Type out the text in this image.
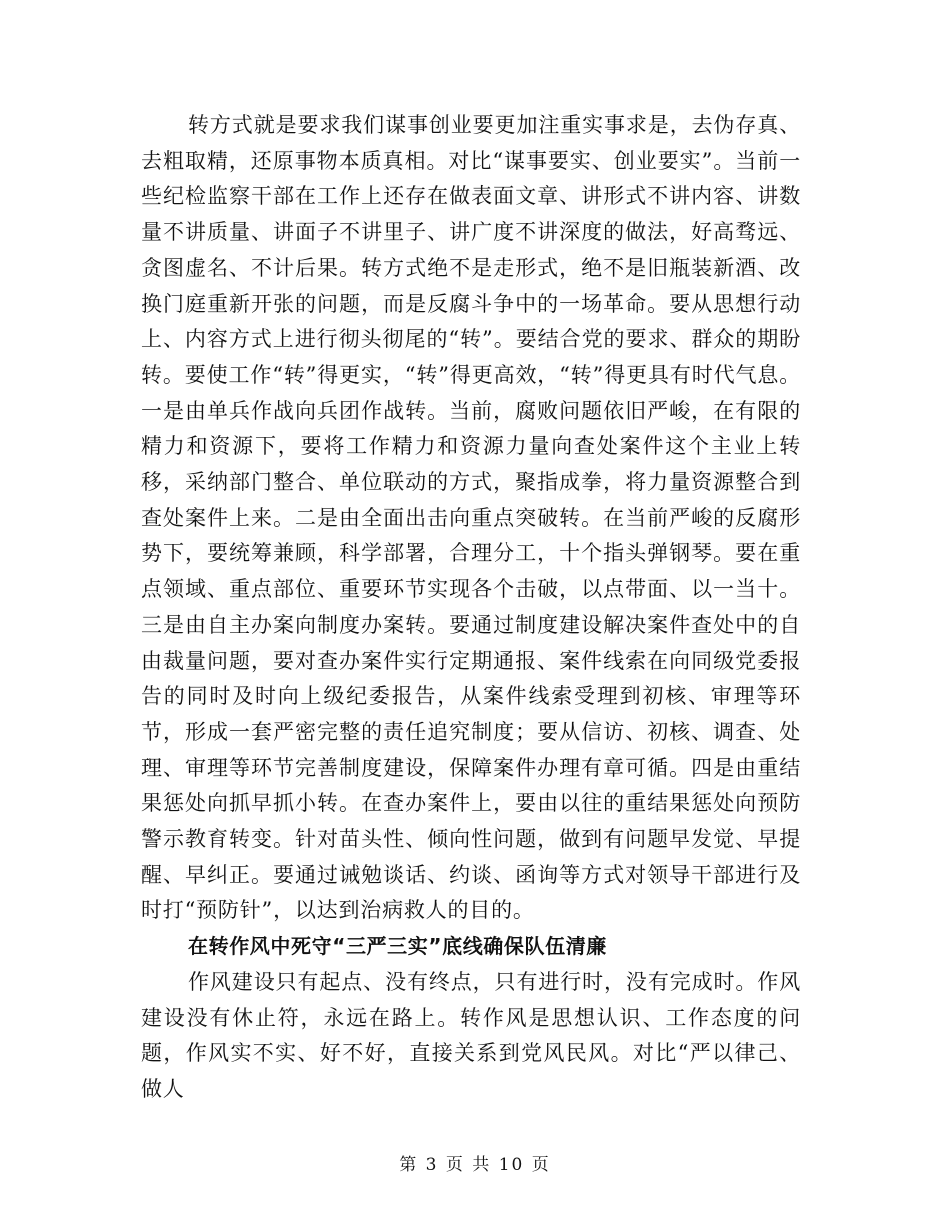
转方式就是要求我们谋事创业要更加注重实事求是，去伪存真、去粗取精，还原事物本质真相。对比“谋事要实、创业要实”。当前一些纪检监察干部在工作上还存在做表面文章、讲形式不讲内容、讲数量不讲质量、讲面子不讲里子、讲广度不讲深度的做法，好高骛远、贪图虚名、不计后果。转方式绝不是走形式，绝不是旧瓶装新酒、改换门庭重新开张的问题，而是反腐斗争中的一场革命。要从思想行动上、内容方式上进行彻头彻尾的“转”。要结合党的要求、群众的期盼转。要使工作“转”得更实，“转”得更高效，“转”得更具有时代气息。一是由单兵作战向兵团作战转。当前，腐败问题依旧严峻，在有限的精力和资源下，要将工作精力和资源力量向查处案件这个主业上转移，采纳部门整合、单位联动的方式，聚指成拳，将力量资源整合到查处案件上来。二是由全面出击向重点突破转。在当前严峻的反腐形势下，要统筹兼顾，科学部署，合理分工，十个指头弹钢琴。要在重点领域、重点部位、重要环节实现各个击破，以点带面、以一当十。三是由自主办案向制度办案转。要通过制度建设解决案件查处中的自由裁量问题，要对查办案件实行定期通报、案件线索在向同级党委报告的同时及时向上级纪委报告，从案件线索受理到初核、审理等环节，形成一套严密完整的责任追究制度；要从信访、初核、调查、处理、审理等环节完善制度建设，保障案件办理有章可循。四是由重结果惩处向抓早抓小转。在查办案件上，要由以往的重结果惩处向预防警示教育转变。针对苗头性、倾向性问题，做到有问题早发觉、早提醒、早纠正。要通过诫勉谈话、约谈、函询等方式对领导干部进行及时打“预防针”，以达到治病救人的目的。

在转作风中死守“三严三实”底线确保队伍清廉

作风建设只有起点、没有终点，只有进行时，没有完成时。作风建设没有休止符，永远在路上。转作风是思想认识、工作态度的问题，作风实不实、好不好，直接关系到党风民风。对比“严以律己、做人

第 3 页 共 10 页
